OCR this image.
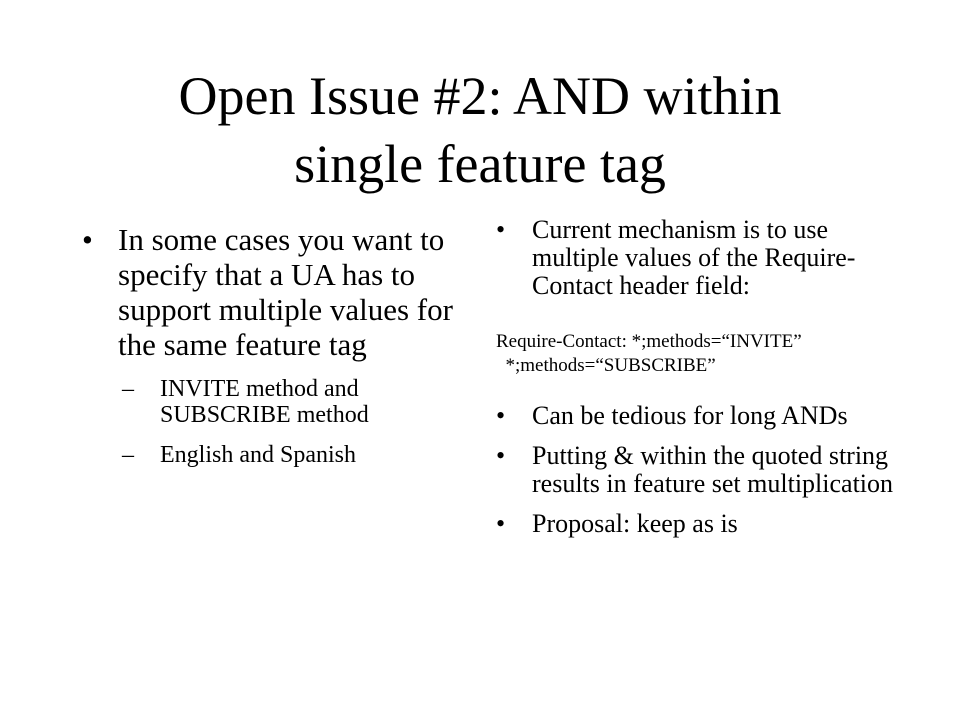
Open Issue #2: AND within
single feature tag
• In some cases you want to specify that a UA has to support multiple values for the same feature tag
– INVITE method and SUBSCRIBE method
– English and Spanish
• Current mechanism is to use multiple values of the Require-Contact header field:
Require-Contact: *;methods=“INVITE”
*;methods=“SUBSCRIBE”
• Can be tedious for long ANDs
• Putting & within the quoted string results in feature set multiplication
• Proposal: keep as is
